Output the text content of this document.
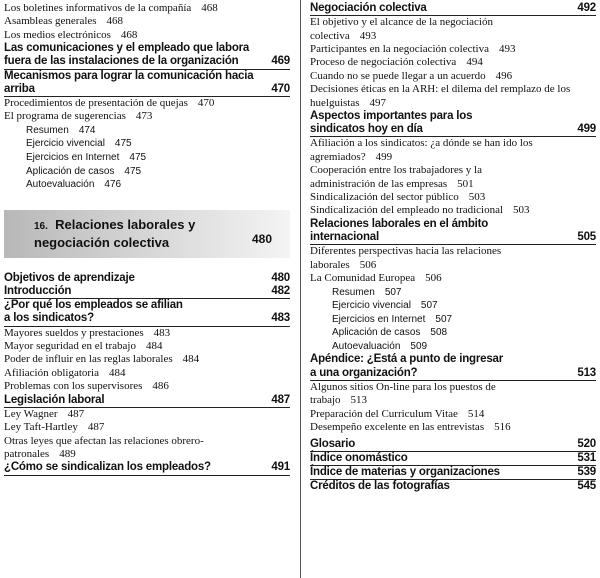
Los boletines informativos de la compañía 468

Asambleas generales 468

Los medios electrónicos 468

Las comunicaciones y el empleado que labora fuera de las instalaciones de la organización	469
Mecanismos para lograr la comunicación hacia arriba	470

Procedimientos de presentación de quejas 470

El programa de sugerencias 473

Resumen 474

Ejercicio vivencial 475

Ejercicios en Internet 475

Aplicación de casos 475

Autoevaluación 476

16. Relaciones laborales y negociación colectiva	480
Objetivos de aprendizaje	480
Introducción	482
¿Por qué los empleados se afilian a los sindicatos?	483

Mayores sueldos y prestaciones 483

Mayor seguridad en el trabajo 484

Poder de influir en las reglas laborales 484

Afiliación obligatoria 484

Problemas con los supervisores 486

Legislación laboral	487

Ley Wagner 487

Ley Taft-Hartley 487

Otras leyes que afectan las relaciones obrero-patronales 489

¿Cómo se sindicalizan los empleados?	491
Negociación colectiva	492

El objetivo y el alcance de la negociación colectiva 493

Participantes en la negociación colectiva 493

Proceso de negociación colectiva 494

Cuando no se puede llegar a un acuerdo 496

Decisiones éticas en la ARH: el dilema del remplazo de los huelguistas 497

Aspectos importantes para los sindicatos hoy en día	499

Afiliación a los sindicatos: ¿a dónde se han ido los agremiados? 499

Cooperación entre los trabajadores y la administración de las empresas 501

Sindicalización del sector público 503

Sindicalización del empleado no tradicional 503

Relaciones laborales en el ámbito internacional	505

Diferentes perspectivas hacia las relaciones laborales 506

La Comunidad Europea 506

Resumen 507

Ejercicio vivencial 507

Ejercicios en Internet 507

Aplicación de casos 508

Autoevaluación 509

Apéndice: ¿Está a punto de ingresar a una organización?	513

Algunos sitios On-line para los puestos de trabajo 513

Preparación del Curriculum Vitae 514

Desempeño excelente en las entrevistas 516

Glosario	520
Índice onomástico	531
Índice de materias y organizaciones	539
Créditos de las fotografías	545
